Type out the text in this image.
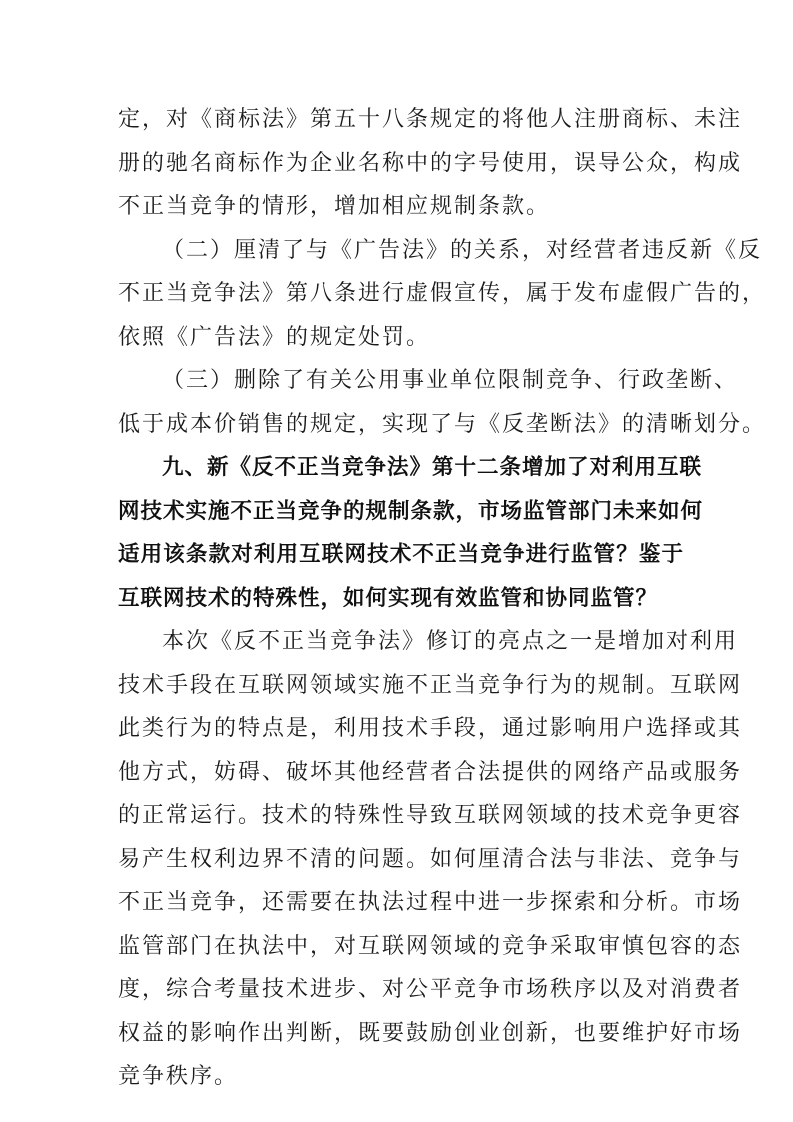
定，对《商标法》第五十八条规定的将他人注册商标、未注
册的驰名商标作为企业名称中的字号使用，误导公众，构成
不正当竞争的情形，增加相应规制条款。
（二）厘清了与《广告法》的关系，对经营者违反新《反
不正当竞争法》第八条进行虚假宣传，属于发布虚假广告的，
依照《广告法》的规定处罚。
（三）删除了有关公用事业单位限制竞争、行政垄断、
低于成本价销售的规定，实现了与《反垄断法》的清晰划分。
九、新《反不正当竞争法》第十二条增加了对利用互联
网技术实施不正当竞争的规制条款，市场监管部门未来如何
适用该条款对利用互联网技术不正当竞争进行监管？鉴于
互联网技术的特殊性，如何实现有效监管和协同监管？
本次《反不正当竞争法》修订的亮点之一是增加对利用
技术手段在互联网领域实施不正当竞争行为的规制。互联网
此类行为的特点是，利用技术手段，通过影响用户选择或其
他方式，妨碍、破坏其他经营者合法提供的网络产品或服务
的正常运行。技术的特殊性导致互联网领域的技术竞争更容
易产生权利边界不清的问题。如何厘清合法与非法、竞争与
不正当竞争，还需要在执法过程中进一步探索和分析。市场
监管部门在执法中，对互联网领域的竞争采取审慎包容的态
度，综合考量技术进步、对公平竞争市场秩序以及对消费者
权益的影响作出判断，既要鼓励创业创新，也要维护好市场
竞争秩序。
